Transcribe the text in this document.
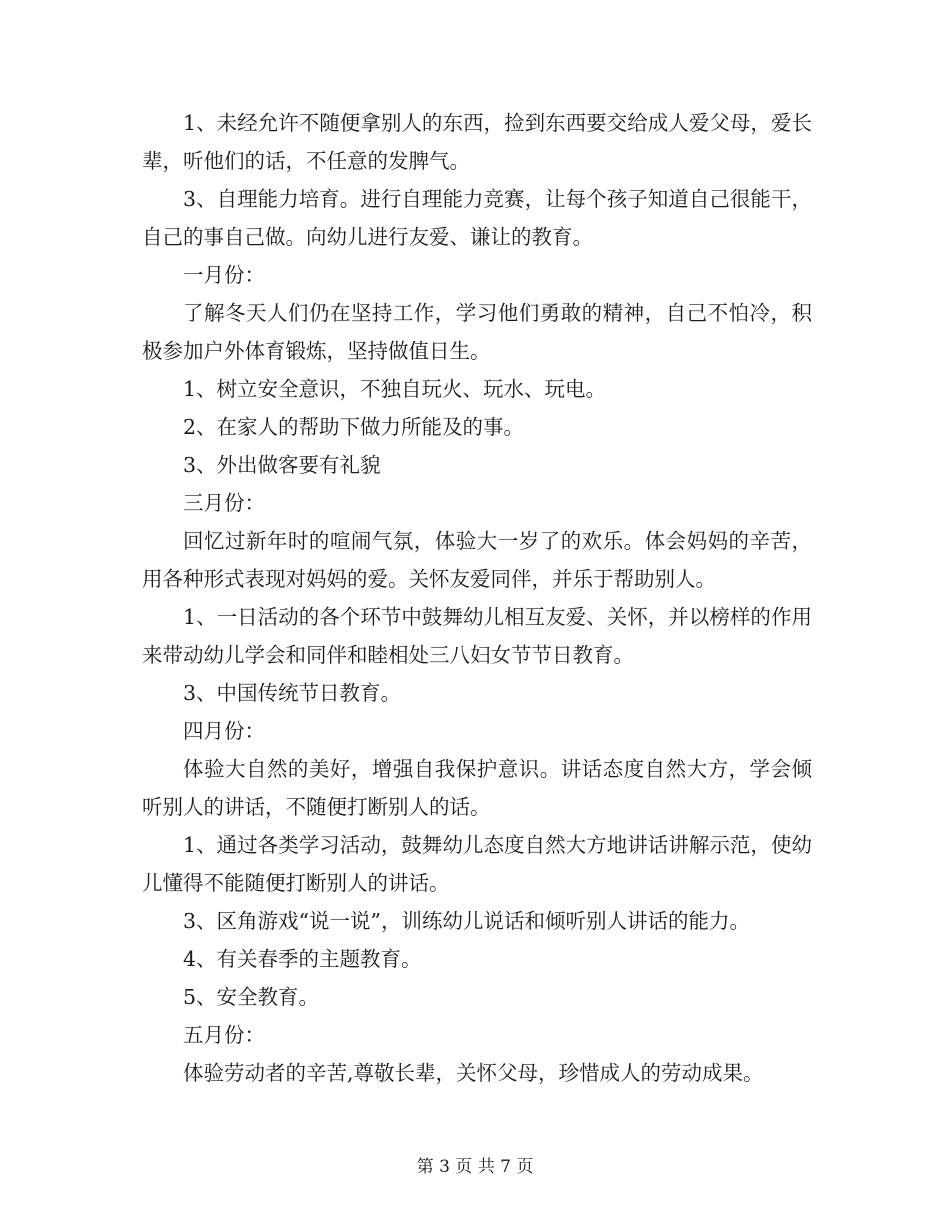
1、未经允许不随便拿别人的东西，捡到东西要交给成人爱父母，爱长辈，听他们的话，不任意的发脾气。

3、自理能力培育。进行自理能力竞赛，让每个孩子知道自己很能干，自己的事自己做。向幼儿进行友爱、谦让的教育。

一月份：

了解冬天人们仍在坚持工作，学习他们勇敢的精神，自己不怕冷，积极参加户外体育锻炼，坚持做值日生。

1、树立安全意识，不独自玩火、玩水、玩电。

2、在家人的帮助下做力所能及的事。

3、外出做客要有礼貌

三月份：

回忆过新年时的喧闹气氛，体验大一岁了的欢乐。体会妈妈的辛苦，用各种形式表现对妈妈的爱。关怀友爱同伴，并乐于帮助别人。

1、一日活动的各个环节中鼓舞幼儿相互友爱、关怀，并以榜样的作用来带动幼儿学会和同伴和睦相处三八妇女节节日教育。

3、中国传统节日教育。

四月份：

体验大自然的美好，增强自我保护意识。讲话态度自然大方，学会倾听别人的讲话，不随便打断别人的话。

1、通过各类学习活动，鼓舞幼儿态度自然大方地讲话讲解示范，使幼儿懂得不能随便打断别人的讲话。

3、区角游戏“说一说”，训练幼儿说话和倾听别人讲话的能力。

4、有关春季的主题教育。

5、安全教育。

五月份：

体验劳动者的辛苦,尊敬长辈，关怀父母，珍惜成人的劳动成果。

第 3 页 共 7 页
